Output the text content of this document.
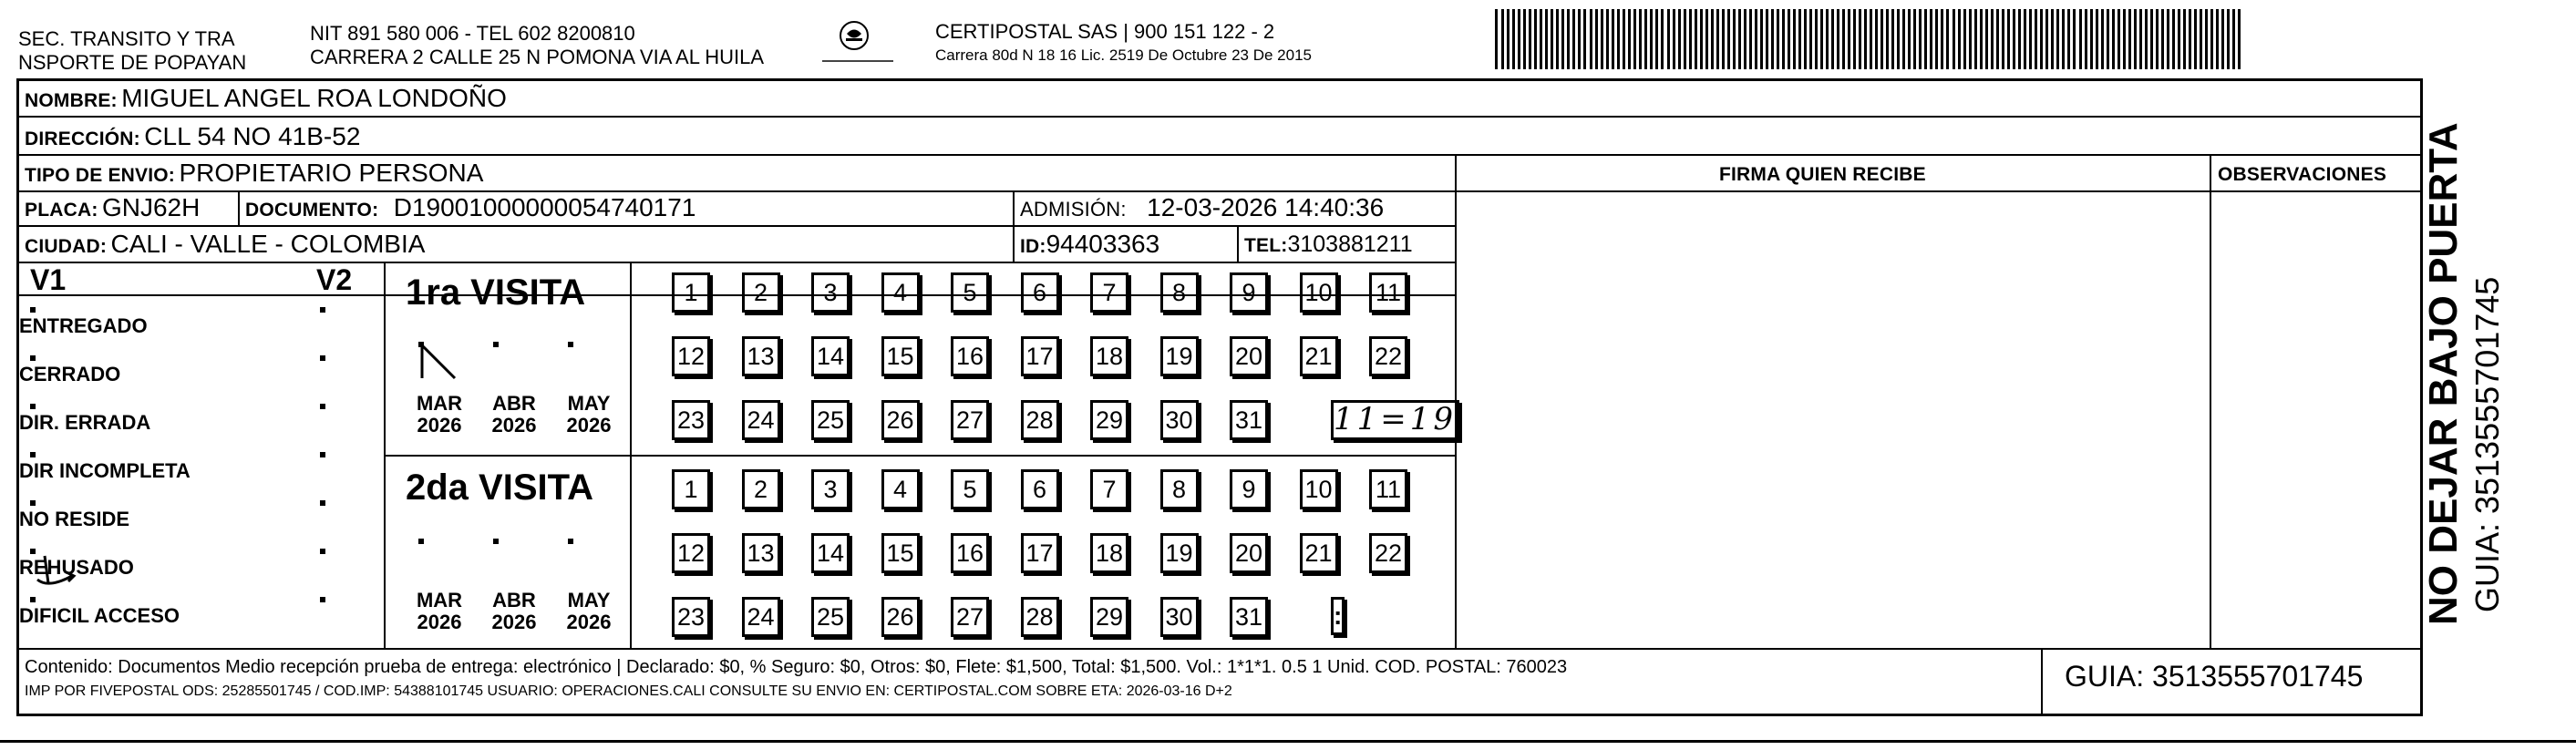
SEC. TRANSITO Y TRA
NSPORTE DE POPAYAN
NIT 891 580 006 - TEL 602 8200810
CARRERA 2 CALLE 25 N POMONA VIA AL HUILA
CERTIPOSTAL SAS | 900 151 122 - 2
Carrera 80d N 18 16 Lic. 2519 De Octubre 23 De 2015
NOMBRE: MIGUEL ANGEL ROA LONDOÑO
DIRECCIÓN: CLL 54 NO 41B-52
TIPO DE ENVIO: PROPIETARIO PERSONA	FIRMA QUIEN RECIBE	OBSERVACIONES
PLACA: GNJ62H DOCUMENTO: D19001000000054740171	ADMISIÓN: 12-03-2026 14:40:36
CIUDAD: CALI - VALLE - COLOMBIA	ID:94403363	TEL:3103881211
V1	V2 1ra VISITA
2da VISITA
Contenido: Documentos Medio recepción prueba de entrega: electrónico | Declarado: $0, % Seguro: $0, Otros: $0, Flete: $1,500, Total: $1,500. Vol.: 1*1*1. 0.5 1 Unid. COD. POSTAL: 760023
IMP POR FIVEPOSTAL ODS: 25285501745 / COD.IMP: 54388101745 USUARIO: OPERACIONES.CALI CONSULTE SU ENVIO EN: CERTIPOSTAL.COM SOBRE ETA: 2026-03-16 D+2	GUIA: 3513555701745
ENTREGADO
CERRADO
DIR. ERRADA
DIR INCOMPLETA
NO RESIDE
REHUSADO
DIFICIL ACCESO
MAR
2026
ABR
2026
MAY
2026
MAR
2026
ABR
2026
MAY
2026
1	2	3	4	5	6	7	8	9	10 11
12 13 14 15 16 17 18 19 20 21 22
23 24 25 26 27 28 29 30 31 11=19
1	2	3	4	5	6	7	8	9	10 11
12 13 14 15 16 17 18 19 20 21 22
23 24 25 26 27 28 29 30 31	:	NO DEJAR BAJO PUERTA GUIA: 3513555701745
